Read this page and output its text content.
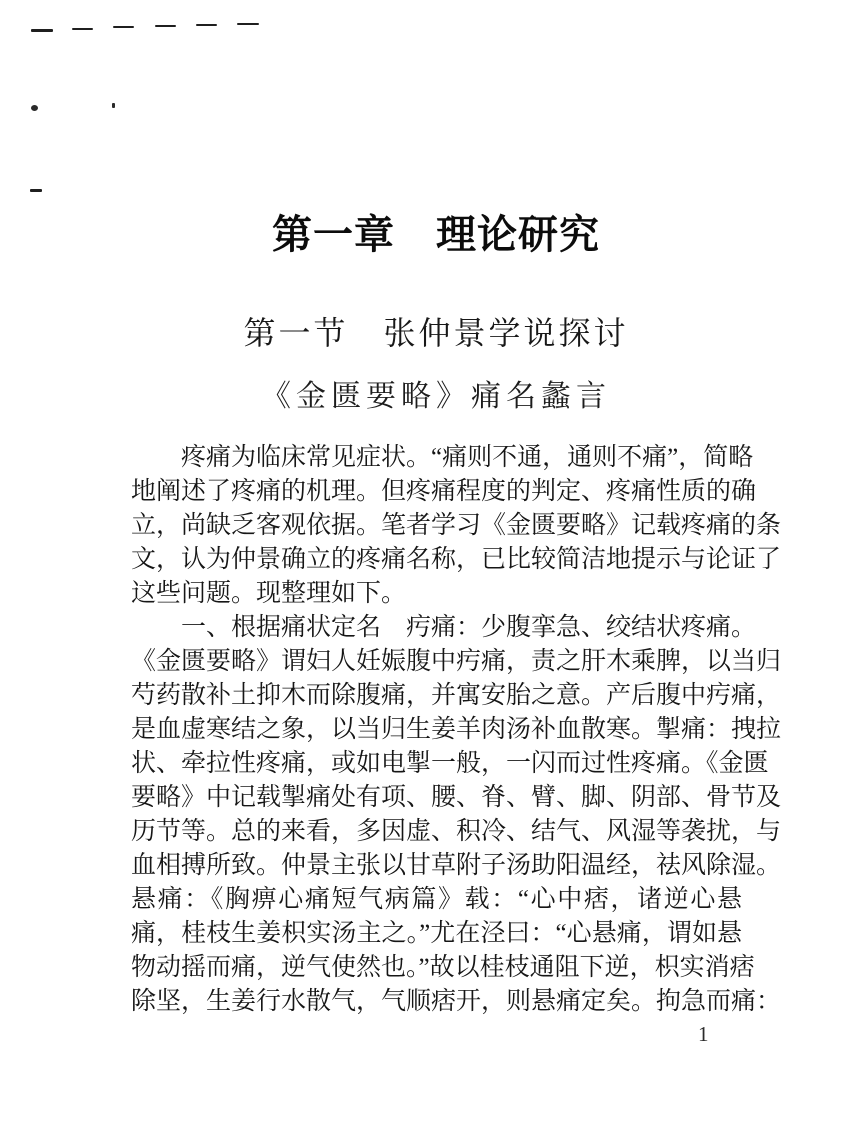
第一章　理论研究
第一节　张仲景学说探讨
《金匮要略》痛名蠡言
疼痛为临床常见症状。“痛则不通，通则不痛”，简略
地阐述了疼痛的机理。但疼痛程度的判定、疼痛性质的确
立，尚缺乏客观依据。笔者学习《金匮要略》记载疼痛的条
文，认为仲景确立的疼痛名称，已比较简洁地提示与论证了
这些问题。现整理如下。
一、根据痛状定名　㽲痛：少腹挛急、绞结状疼痛。
《金匮要略》谓妇人妊娠腹中㽲痛，责之肝木乘脾，以当归
芍药散补土抑木而除腹痛，并寓安胎之意。产后腹中㽲痛，
是血虚寒结之象，以当归生姜羊肉汤补血散寒。掣痛：拽拉
状、牵拉性疼痛，或如电掣一般，一闪而过性疼痛。《金匮
要略》中记载掣痛处有项、腰、脊、臂、脚、阴部、骨节及
历节等。总的来看，多因虚、积冷、结气、风湿等袭扰，与
血相搏所致。仲景主张以甘草附子汤助阳温经，祛风除湿。
悬痛：《胸痹心痛短气病篇》载：“心中痞，诸逆心悬
痛，桂枝生姜枳实汤主之。”尤在泾曰：“心悬痛，谓如悬
物动摇而痛，逆气使然也。”故以桂枝通阻下逆，枳实消痞
除坚，生姜行水散气，气顺痞开，则悬痛定矣。拘急而痛：
1
